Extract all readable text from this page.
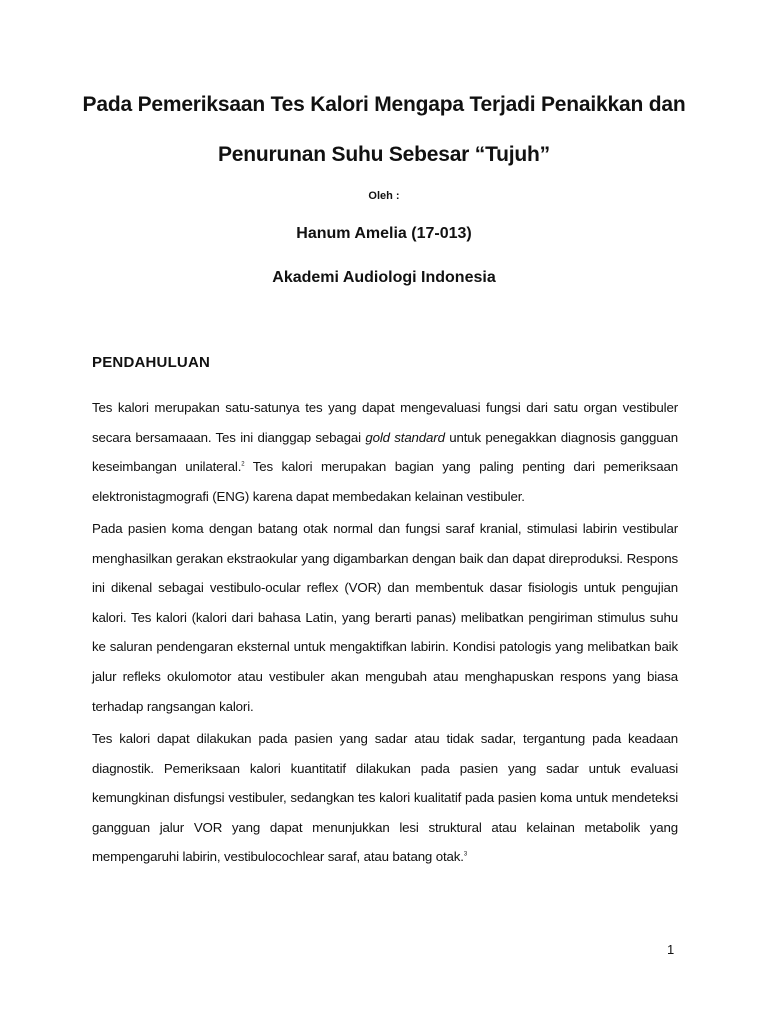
Pada Pemeriksaan Tes Kalori Mengapa Terjadi Penaikkan dan
Penurunan Suhu Sebesar “Tujuh”
Oleh :
Hanum Amelia (17-013)
Akademi Audiologi Indonesia
PENDAHULUAN

Tes kalori merupakan satu-satunya tes yang dapat mengevaluasi fungsi dari satu organ vestibuler secara bersamaaan. Tes ini dianggap sebagai gold standard untuk penegakkan diagnosis gangguan keseimbangan unilateral.$^2$ Tes kalori merupakan bagian yang paling penting dari pemeriksaan elektronistagmografi (ENG) karena dapat membedakan kelainan vestibuler.

Pada pasien koma dengan batang otak normal dan fungsi saraf kranial, stimulasi labirin vestibular menghasilkan gerakan ekstraokular yang digambarkan dengan baik dan dapat direproduksi. Respons ini dikenal sebagai vestibulo-ocular reflex (VOR) dan membentuk dasar fisiologis untuk pengujian kalori. Tes kalori (kalori dari bahasa Latin, yang berarti panas) melibatkan pengiriman stimulus suhu ke saluran pendengaran eksternal untuk mengaktifkan labirin. Kondisi patologis yang melibatkan baik jalur refleks okulomotor atau vestibuler akan mengubah atau menghapuskan respons yang biasa terhadap rangsangan kalori.

Tes kalori dapat dilakukan pada pasien yang sadar atau tidak sadar, tergantung pada keadaan diagnostik. Pemeriksaan kalori kuantitatif dilakukan pada pasien yang sadar untuk evaluasi kemungkinan disfungsi vestibuler, sedangkan tes kalori kualitatif pada pasien koma untuk mendeteksi gangguan jalur VOR yang dapat menunjukkan lesi struktural atau kelainan metabolik yang mempengaruhi labirin, vestibulocochlear saraf, atau batang otak.$^3$

1
